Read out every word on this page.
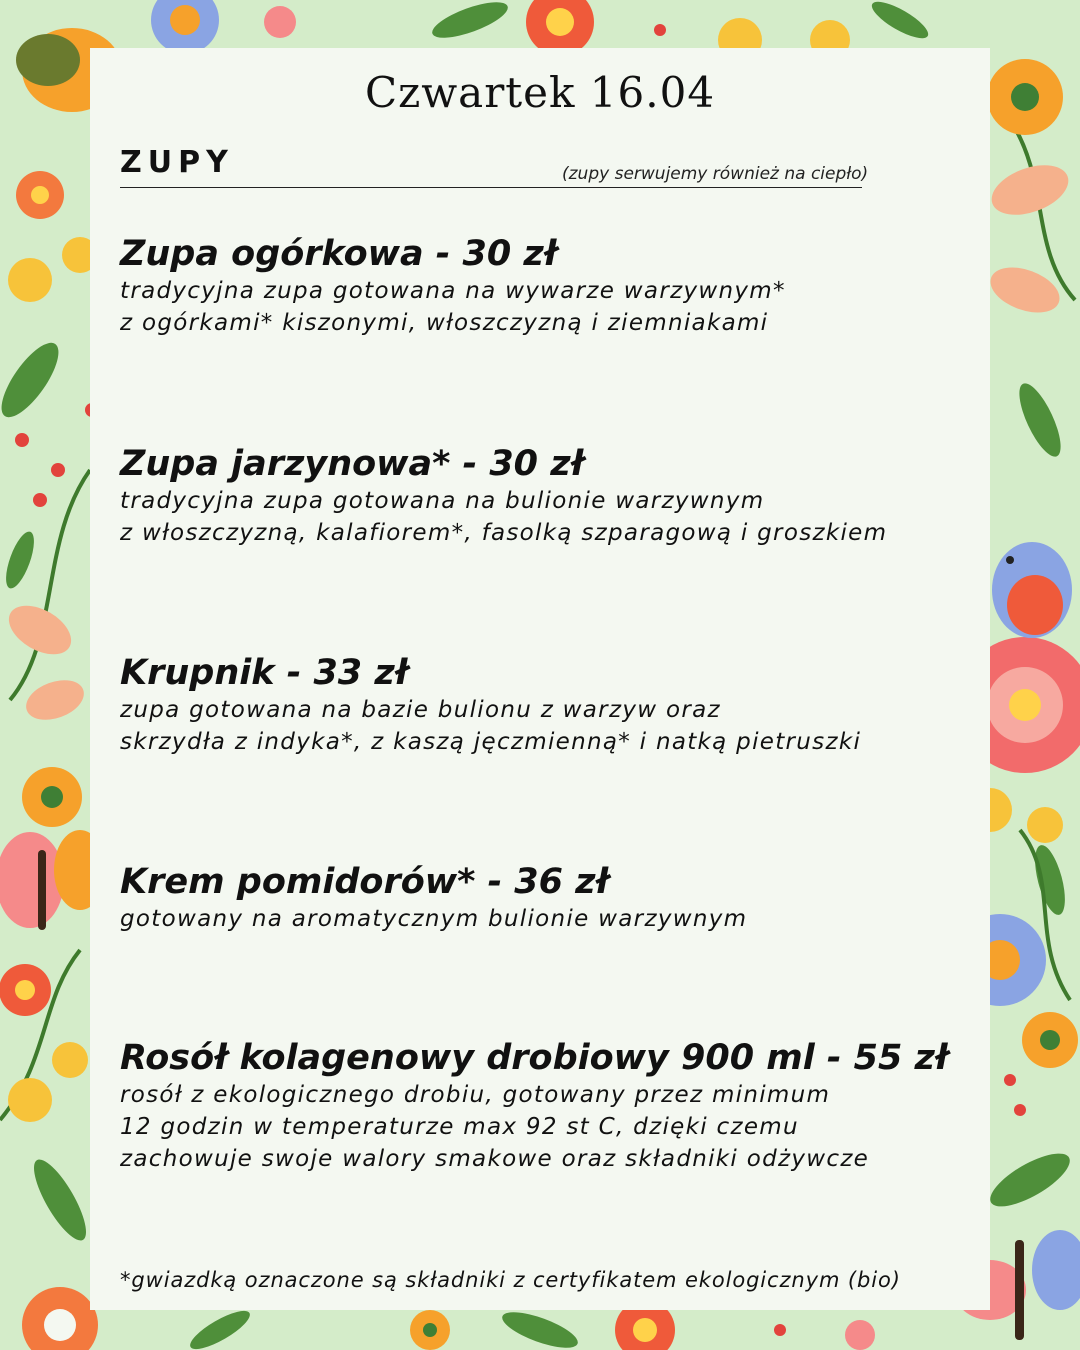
Czwartek 16.04
ZUPY	(zupy serwujemy również na ciepło)
Zupa ogórkowa - 30 zł
tradycyjna zupa gotowana na wywarze warzywnym*
z ogórkami* kiszonymi, włoszczyzną i ziemniakami
Zupa jarzynowa* - 30 zł
tradycyjna zupa gotowana na bulionie warzywnym
z włoszczyzną, kalafiorem*, fasolką szparagową i groszkiem
Krupnik - 33 zł
zupa gotowana na bazie bulionu z warzyw oraz
skrzydła z indyka*, z kaszą jęczmienną* i natką pietruszki
Krem pomidorów* - 36 zł
gotowany na aromatycznym bulionie warzywnym
Rosół kolagenowy drobiowy 900 ml - 55 zł
rosół z ekologicznego drobiu, gotowany przez minimum
12 godzin w temperaturze max 92 st C, dzięki czemu
zachowuje swoje walory smakowe oraz składniki odżywcze
*gwiazdką oznaczone są składniki z certyfikatem ekologicznym (bio)
